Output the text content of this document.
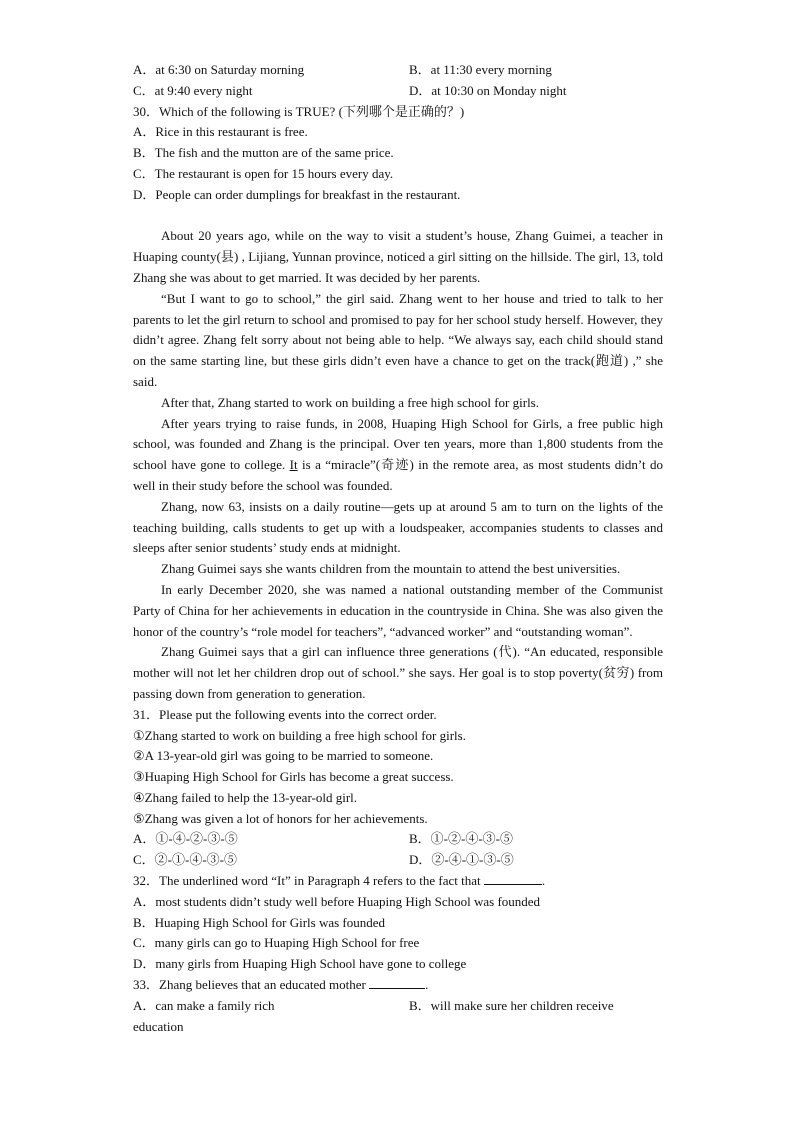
A．at 6:30 on Saturday morning	B．at 11:30 every morning
C．at 9:40 every night	D．at 10:30 on Monday night
30．Which of the following is TRUE? (下列哪个是正确的？)
A．Rice in this restaurant is free.
B．The fish and the mutton are of the same price.
C．The restaurant is open for 15 hours every day.
D．People can order dumplings for breakfast in the restaurant.
About 20 years ago, while on the way to visit a student’s house, Zhang Guimei, a teacher in Huaping county(县) , Lijiang, Yunnan province, noticed a girl sitting on the hillside. The girl, 13, told Zhang she was about to get married. It was decided by her parents.
“But I want to go to school,” the girl said. Zhang went to her house and tried to talk to her parents to let the girl return to school and promised to pay for her school study herself. However, they didn’t agree. Zhang felt sorry about not being able to help. “We always say, each child should stand on the same starting line, but these girls didn’t even have a chance to get on the track(跑道) ,” she said.
After that, Zhang started to work on building a free high school for girls.
After years trying to raise funds, in 2008, Huaping High School for Girls, a free public high school, was founded and Zhang is the principal. Over ten years, more than 1,800 students from the school have gone to college. It is a “miracle”(奇迹) in the remote area, as most students didn’t do well in their study before the school was founded.
Zhang, now 63, insists on a daily routine—gets up at around 5 am to turn on the lights of the teaching building, calls students to get up with a loudspeaker, accompanies students to classes and sleeps after senior students’ study ends at midnight.
Zhang Guimei says she wants children from the mountain to attend the best universities.
In early December 2020, she was named a national outstanding member of the Communist Party of China for her achievements in education in the countryside in China. She was also given the honor of the country’s “role model for teachers”, “advanced worker” and “outstanding woman”.
Zhang Guimei says that a girl can influence three generations (代). “An educated, responsible mother will not let her children drop out of school.” she says. Her goal is to stop poverty(贫穷) from passing down from generation to generation.
31．Please put the following events into the correct order.
①Zhang started to work on building a free high school for girls.
②A 13-year-old girl was going to be married to someone.
③Huaping High School for Girls has become a great success.
④Zhang failed to help the 13-year-old girl.
⑤Zhang was given a lot of honors for her achievements.
A．①-④-②-③-⑤	B．①-②-④-③-⑤
C．②-①-④-③-⑤	D．②-④-①-③-⑤
32．The underlined word “It” in Paragraph 4 refers to the fact that	.
A．most students didn’t study well before Huaping High School was founded
B．Huaping High School for Girls was founded
C．many girls can go to Huaping High School for free
D．many girls from Huaping High School have gone to college
33．Zhang believes that an educated mother	.
A．can make a family rich	B．will make sure her children receive
education
